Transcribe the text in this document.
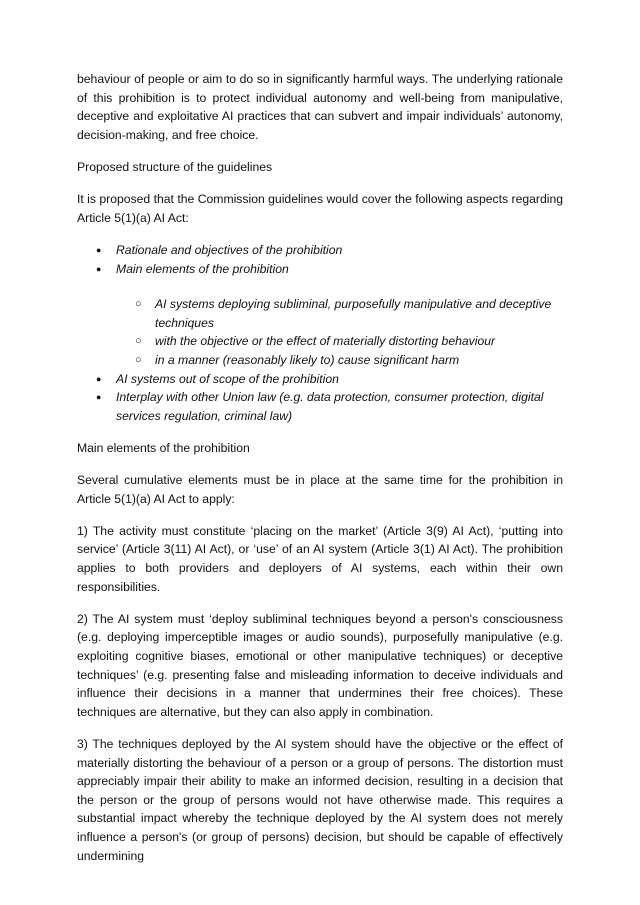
behaviour of people or aim to do so in significantly harmful ways. The underlying rationale of this prohibition is to protect individual autonomy and well-being from manipulative, deceptive and exploitative AI practices that can subvert and impair individuals’ autonomy, decision-making, and free choice.

Proposed structure of the guidelines

It is proposed that the Commission guidelines would cover the following aspects regarding Article 5(1)(a) AI Act:

● Rationale and objectives of the prohibition
● Main elements of the prohibition
○ AI systems deploying subliminal, purposefully manipulative and deceptive techniques
○ with the objective or the effect of materially distorting behaviour
○ in a manner (reasonably likely to) cause significant harm
● AI systems out of scope of the prohibition
● Interplay with other Union law (e.g. data protection, consumer protection, digital services regulation, criminal law)

Main elements of the prohibition

Several cumulative elements must be in place at the same time for the prohibition in Article 5(1)(a) AI Act to apply:

1) The activity must constitute ‘placing on the market’ (Article 3(9) AI Act), ‘putting into service’ (Article 3(11) AI Act), or ‘use’ of an AI system (Article 3(1) AI Act). The prohibition applies to both providers and deployers of AI systems, each within their own responsibilities.

2) The AI system must ‘deploy subliminal techniques beyond a person's consciousness (e.g. deploying imperceptible images or audio sounds), purposefully manipulative (e.g. exploiting cognitive biases, emotional or other manipulative techniques) or deceptive techniques’ (e.g. presenting false and misleading information to deceive individuals and influence their decisions in a manner that undermines their free choices). These techniques are alternative, but they can also apply in combination.

3) The techniques deployed by the AI system should have the objective or the effect of materially distorting the behaviour of a person or a group of persons. The distortion must appreciably impair their ability to make an informed decision, resulting in a decision that the person or the group of persons would not have otherwise made. This requires a substantial impact whereby the technique deployed by the AI system does not merely influence a person's (or group of persons) decision, but should be capable of effectively undermining
